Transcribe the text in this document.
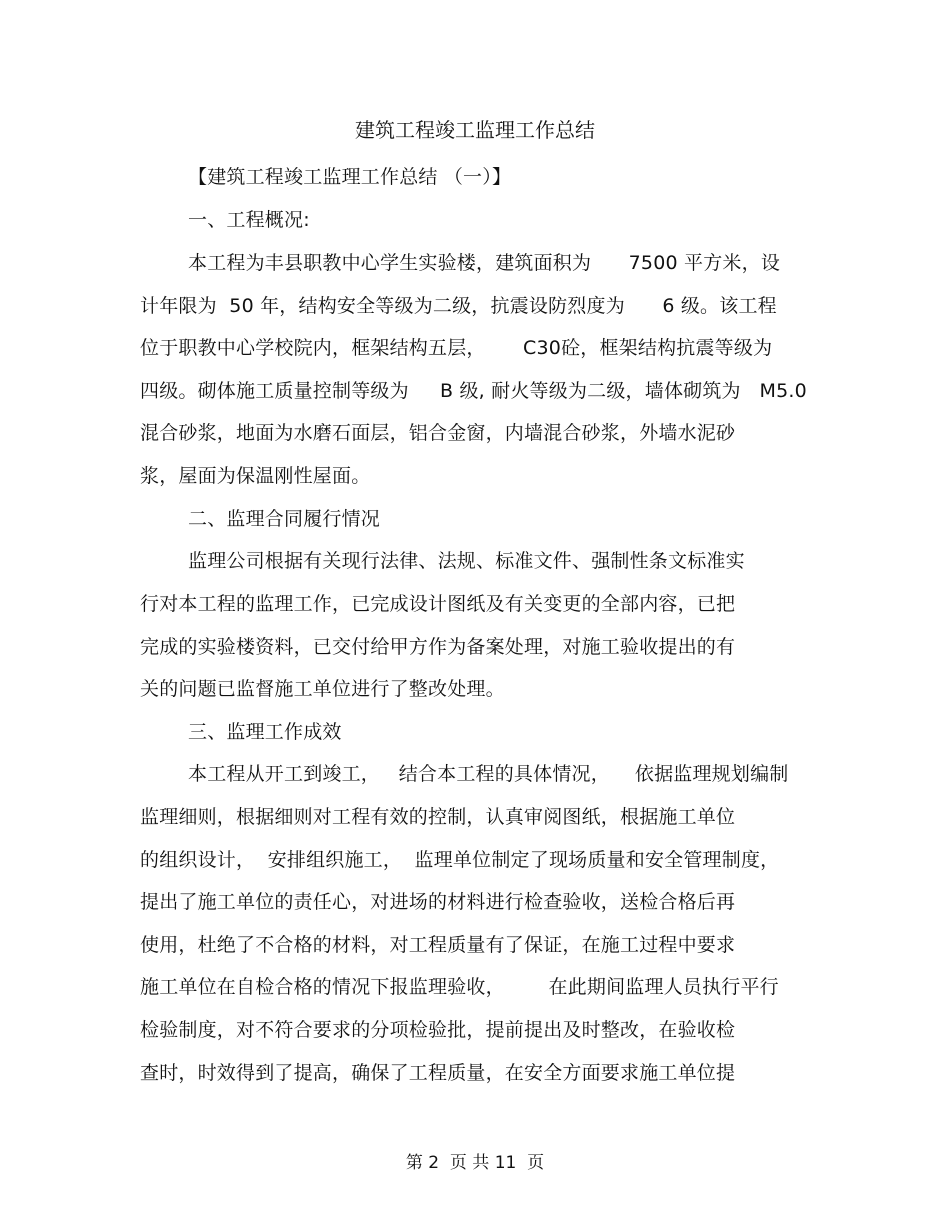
建筑工程竣工监理工作总结
【建筑工程竣工监理工作总结 （一）】
一、工程概况:
本工程为丰县职教中心学生实验楼，建筑面积为      7500 平方米，设
计年限为  50 年，结构安全等级为二级，抗震设防烈度为      6 级。该工程
位于职教中心学校院内，框架结构五层，      C30砼，框架结构抗震等级为
四级。砌体施工质量控制等级为     B 级, 耐火等级为二级，墙体砌筑为   M5.0
混合砂浆，地面为水磨石面层，铝合金窗，内墙混合砂浆，外墙水泥砂
浆，屋面为保温刚性屋面。
二、监理合同履行情况
监理公司根据有关现行法律、法规、标准文件、强制性条文标准实
行对本工程的监理工作，已完成设计图纸及有关变更的全部内容，已把
完成的实验楼资料，已交付给甲方作为备案处理，对施工验收提出的有
关的问题已监督施工单位进行了整改处理。
三、监理工作成效
本工程从开工到竣工，   结合本工程的具体情况，    依据监理规划编制
监理细则，根据细则对工程有效的控制，认真审阅图纸，根据施工单位
的组织设计，  安排组织施工，  监理单位制定了现场质量和安全管理制度，
提出了施工单位的责任心，对进场的材料进行检查验收，送检合格后再
使用，杜绝了不合格的材料，对工程质量有了保证，在施工过程中要求
施工单位在自检合格的情况下报监理验收，       在此期间监理人员执行平行
检验制度，对不符合要求的分项检验批，提前提出及时整改，在验收检
查时，时效得到了提高，确保了工程质量，在安全方面要求施工单位提
第 2  页 共 11  页
